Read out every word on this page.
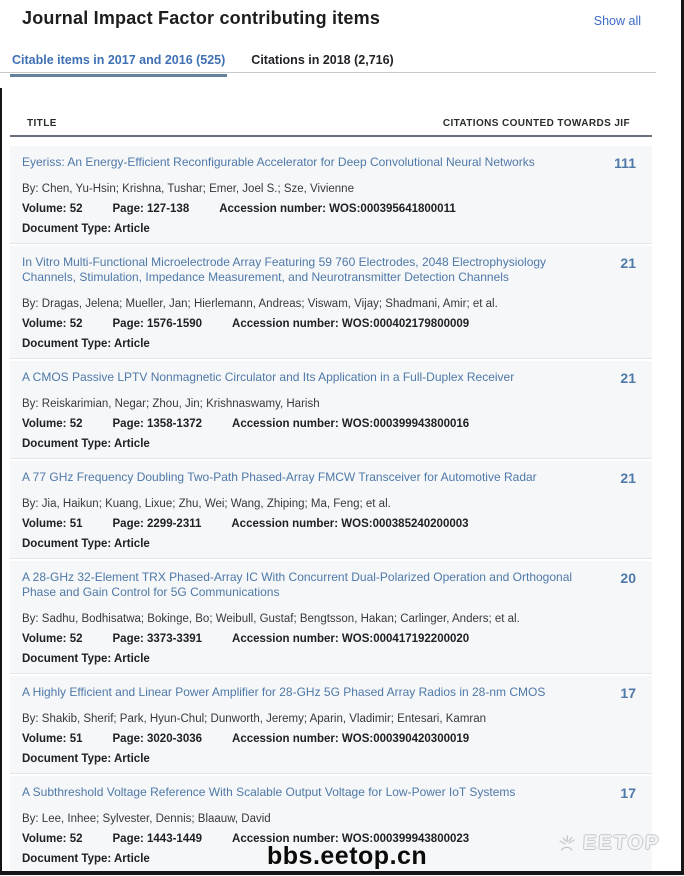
Journal Impact Factor contributing items	Show all
Citable items in 2017 and 2016 (525) Citations in 2018 (2,716)
TITLE	CITATIONS COUNTED TOWARDS JIF
Eyeriss: An Energy-Efficient Reconfigurable Accelerator for Deep Convolutional Neural Networks
By: Chen, Yu-Hsin; Krishna, Tushar; Emer, Joel S.; Sze, Vivienne
Volume: 52	Page: 127-138	Accession number: WOS:000395641800011
Document Type: Article
111
In Vitro Multi-Functional Microelectrode Array Featuring 59 760 Electrodes, 2048 Electrophysiology Channels, Stimulation, Impedance Measurement, and Neurotransmitter Detection Channels
By: Dragas, Jelena; Mueller, Jan; Hierlemann, Andreas; Viswam, Vijay; Shadmani, Amir; et al.
Volume: 52	Page: 1576-1590	Accession number: WOS:000402179800009
Document Type: Article
21
A CMOS Passive LPTV Nonmagnetic Circulator and Its Application in a Full-Duplex Receiver
By: Reiskarimian, Negar; Zhou, Jin; Krishnaswamy, Harish
Volume: 52	Page: 1358-1372	Accession number: WOS:000399943800016
Document Type: Article
21
A 77 GHz Frequency Doubling Two-Path Phased-Array FMCW Transceiver for Automotive Radar
By: Jia, Haikun; Kuang, Lixue; Zhu, Wei; Wang, Zhiping; Ma, Feng; et al.
Volume: 51	Page: 2299-2311	Accession number: WOS:000385240200003
Document Type: Article
21
A 28-GHz 32-Element TRX Phased-Array IC With Concurrent Dual-Polarized Operation and Orthogonal Phase and Gain Control for 5G Communications
By: Sadhu, Bodhisatwa; Bokinge, Bo; Weibull, Gustaf; Bengtsson, Hakan; Carlinger, Anders; et al.
Volume: 52	Page: 3373-3391	Accession number: WOS:000417192200020
Document Type: Article
20
A Highly Efficient and Linear Power Amplifier for 28-GHz 5G Phased Array Radios in 28-nm CMOS
By: Shakib, Sherif; Park, Hyun-Chul; Dunworth, Jeremy; Aparin, Vladimir; Entesari, Kamran
Volume: 51	Page: 3020-3036	Accession number: WOS:000390420300019
Document Type: Article
17
A Subthreshold Voltage Reference With Scalable Output Voltage for Low-Power IoT Systems
By: Lee, Inhee; Sylvester, Dennis; Blaauw, David
Volume: 52	Page: 1443-1449	Accession number: WOS:000399943800023
Document Type: Article
17
bbs.eetop.cn	EETOP
